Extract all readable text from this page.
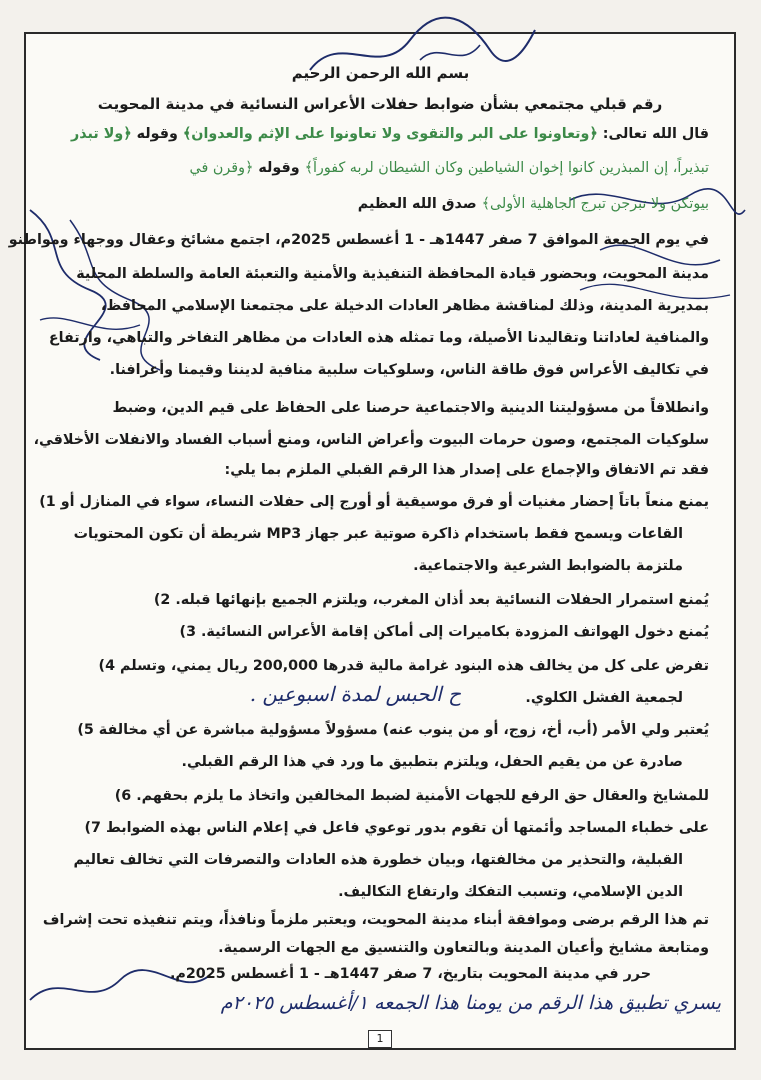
بسم الله الرحمن الرحيم
رقم قبلي مجتمعي بشأن ضوابط حفلات الأعراس النسائية في مدينة المحويت
قال الله تعالى: ﴿وتعاونوا على البر والتقوى ولا تعاونوا على الإثم والعدوان﴾ وقوله ﴿ولا تبذر
تبذيراً، إن المبذرين كانوا إخوان الشياطين وكان الشيطان لربه كفوراً﴾ وقوله ﴿وقرن في
بيوتكن ولا تبرجن تبرج الجاهلية الأولى﴾ صدق الله العظيم
في يوم الجمعة الموافق 7 صفر 1447هـ - 1 أغسطس 2025م، اجتمع مشائخ وعقال ووجهاء ومواطنو
مدينة المحويت، وبحضور قيادة المحافظة التنفيذية والأمنية والتعبئة العامة والسلطة المحلية
بمديرية المدينة، وذلك لمناقشة مظاهر العادات الدخيلة على مجتمعنا الإسلامي المحافظ،
والمنافية لعاداتنا وتقاليدنا الأصيلة، وما تمثله هذه العادات من مظاهر التفاخر والتباهي، وارتفاع
في تكاليف الأعراس فوق طاقة الناس، وسلوكيات سلبية منافية لديننا وقيمنا وأعرافنا.
وانطلاقاً من مسؤوليتنا الدينية والاجتماعية حرصنا على الحفاظ على قيم الدين، وضبط
سلوكيات المجتمع، وصون حرمات البيوت وأعراض الناس، ومنع أسباب الفساد والانفلات الأخلاقي،
فقد تم الاتفاق والإجماع على إصدار هذا الرقم القبلي الملزم بما يلي:
يمنع منعاً باتاً إحضار مغنيات أو فرق موسيقية أو أورج إلى حفلات النساء، سواء في المنازل أو 1)
القاعات ويسمح فقط باستخدام ذاكرة صوتية عبر جهاز MP3 شريطة أن تكون المحتويات
ملتزمة بالضوابط الشرعية والاجتماعية.
يُمنع استمرار الحفلات النسائية بعد أذان المغرب، ويلتزم الجميع بإنهائها قبله. 2)
يُمنع دخول الهواتف المزودة بكاميرات إلى أماكن إقامة الأعراس النسائية. 3)
تفرض على كل من يخالف هذه البنود غرامة مالية قدرها 200,000 ريال يمني، وتسلم 4)
لجمعية الفشل الكلوي.
ح الحبس لمدة اسبوعين .
يُعتبر ولي الأمر (أب، أخ، زوج، أو من ينوب عنه) مسؤولاً مسؤولية مباشرة عن أي مخالفة 5)
صادرة عن من يقيم الحفل، ويلتزم بتطبيق ما ورد في هذا الرقم القبلي.
للمشايخ والعقال حق الرفع للجهات الأمنية لضبط المخالفين واتخاذ ما يلزم بحقهم. 6)
على خطباء المساجد وأئمتها أن تقوم بدور توعوي فاعل في إعلام الناس بهذه الضوابط 7)
القبلية، والتحذير من مخالفتها، وبيان خطورة هذه العادات والتصرفات التي تخالف تعاليم
الدين الإسلامي، وتسبب التفكك وارتفاع التكاليف.
تم هذا الرقم برضى وموافقة أبناء مدينة المحويت، ويعتبر ملزماً ونافذاً، ويتم تنفيذه تحت إشراف
ومتابعة مشايخ وأعيان المدينة وبالتعاون والتنسيق مع الجهات الرسمية.
حرر في مدينة المحويت بتاريخ، 7 صفر 1447هـ - 1 أغسطس 2025م.
يسري تطبيق هذا الرقم من يومنا هذا الجمعه ١/أغسطس ٢٠٢٥م
1
